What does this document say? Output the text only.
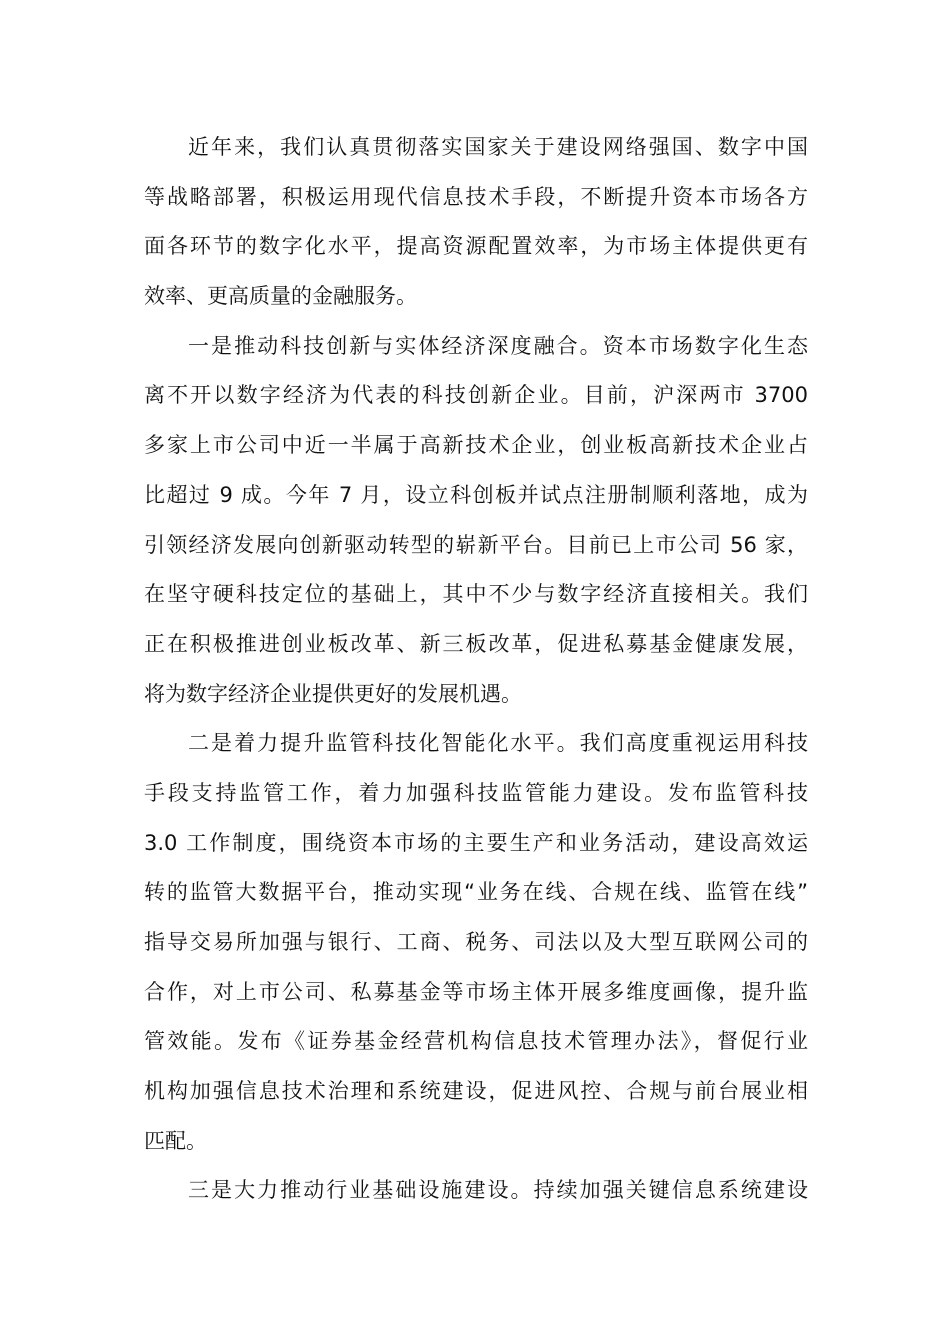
近年来，我们认真贯彻落实国家关于建设网络强国、数字中国
等战略部署，积极运用现代信息技术手段，不断提升资本市场各方
面各环节的数字化水平，提高资源配置效率，为市场主体提供更有
效率、更高质量的金融服务。
一是推动科技创新与实体经济深度融合。资本市场数字化生态
离不开以数字经济为代表的科技创新企业。目前，沪深两市 3700
多家上市公司中近一半属于高新技术企业，创业板高新技术企业占
比超过 9 成。今年 7 月，设立科创板并试点注册制顺利落地，成为
引领经济发展向创新驱动转型的崭新平台。目前已上市公司 56 家，
在坚守硬科技定位的基础上，其中不少与数字经济直接相关。我们
正在积极推进创业板改革、新三板改革，促进私募基金健康发展，
将为数字经济企业提供更好的发展机遇。
二是着力提升监管科技化智能化水平。我们高度重视运用科技
手段支持监管工作，着力加强科技监管能力建设。发布监管科技
3.0 工作制度，围绕资本市场的主要生产和业务活动，建设高效运
转的监管大数据平台，推动实现“业务在线、合规在线、监管在线”
指导交易所加强与银行、工商、税务、司法以及大型互联网公司的
合作，对上市公司、私募基金等市场主体开展多维度画像，提升监
管效能。发布《证券基金经营机构信息技术管理办法》，督促行业
机构加强信息技术治理和系统建设，促进风控、合规与前台展业相
匹配。
三是大力推动行业基础设施建设。持续加强关键信息系统建设
